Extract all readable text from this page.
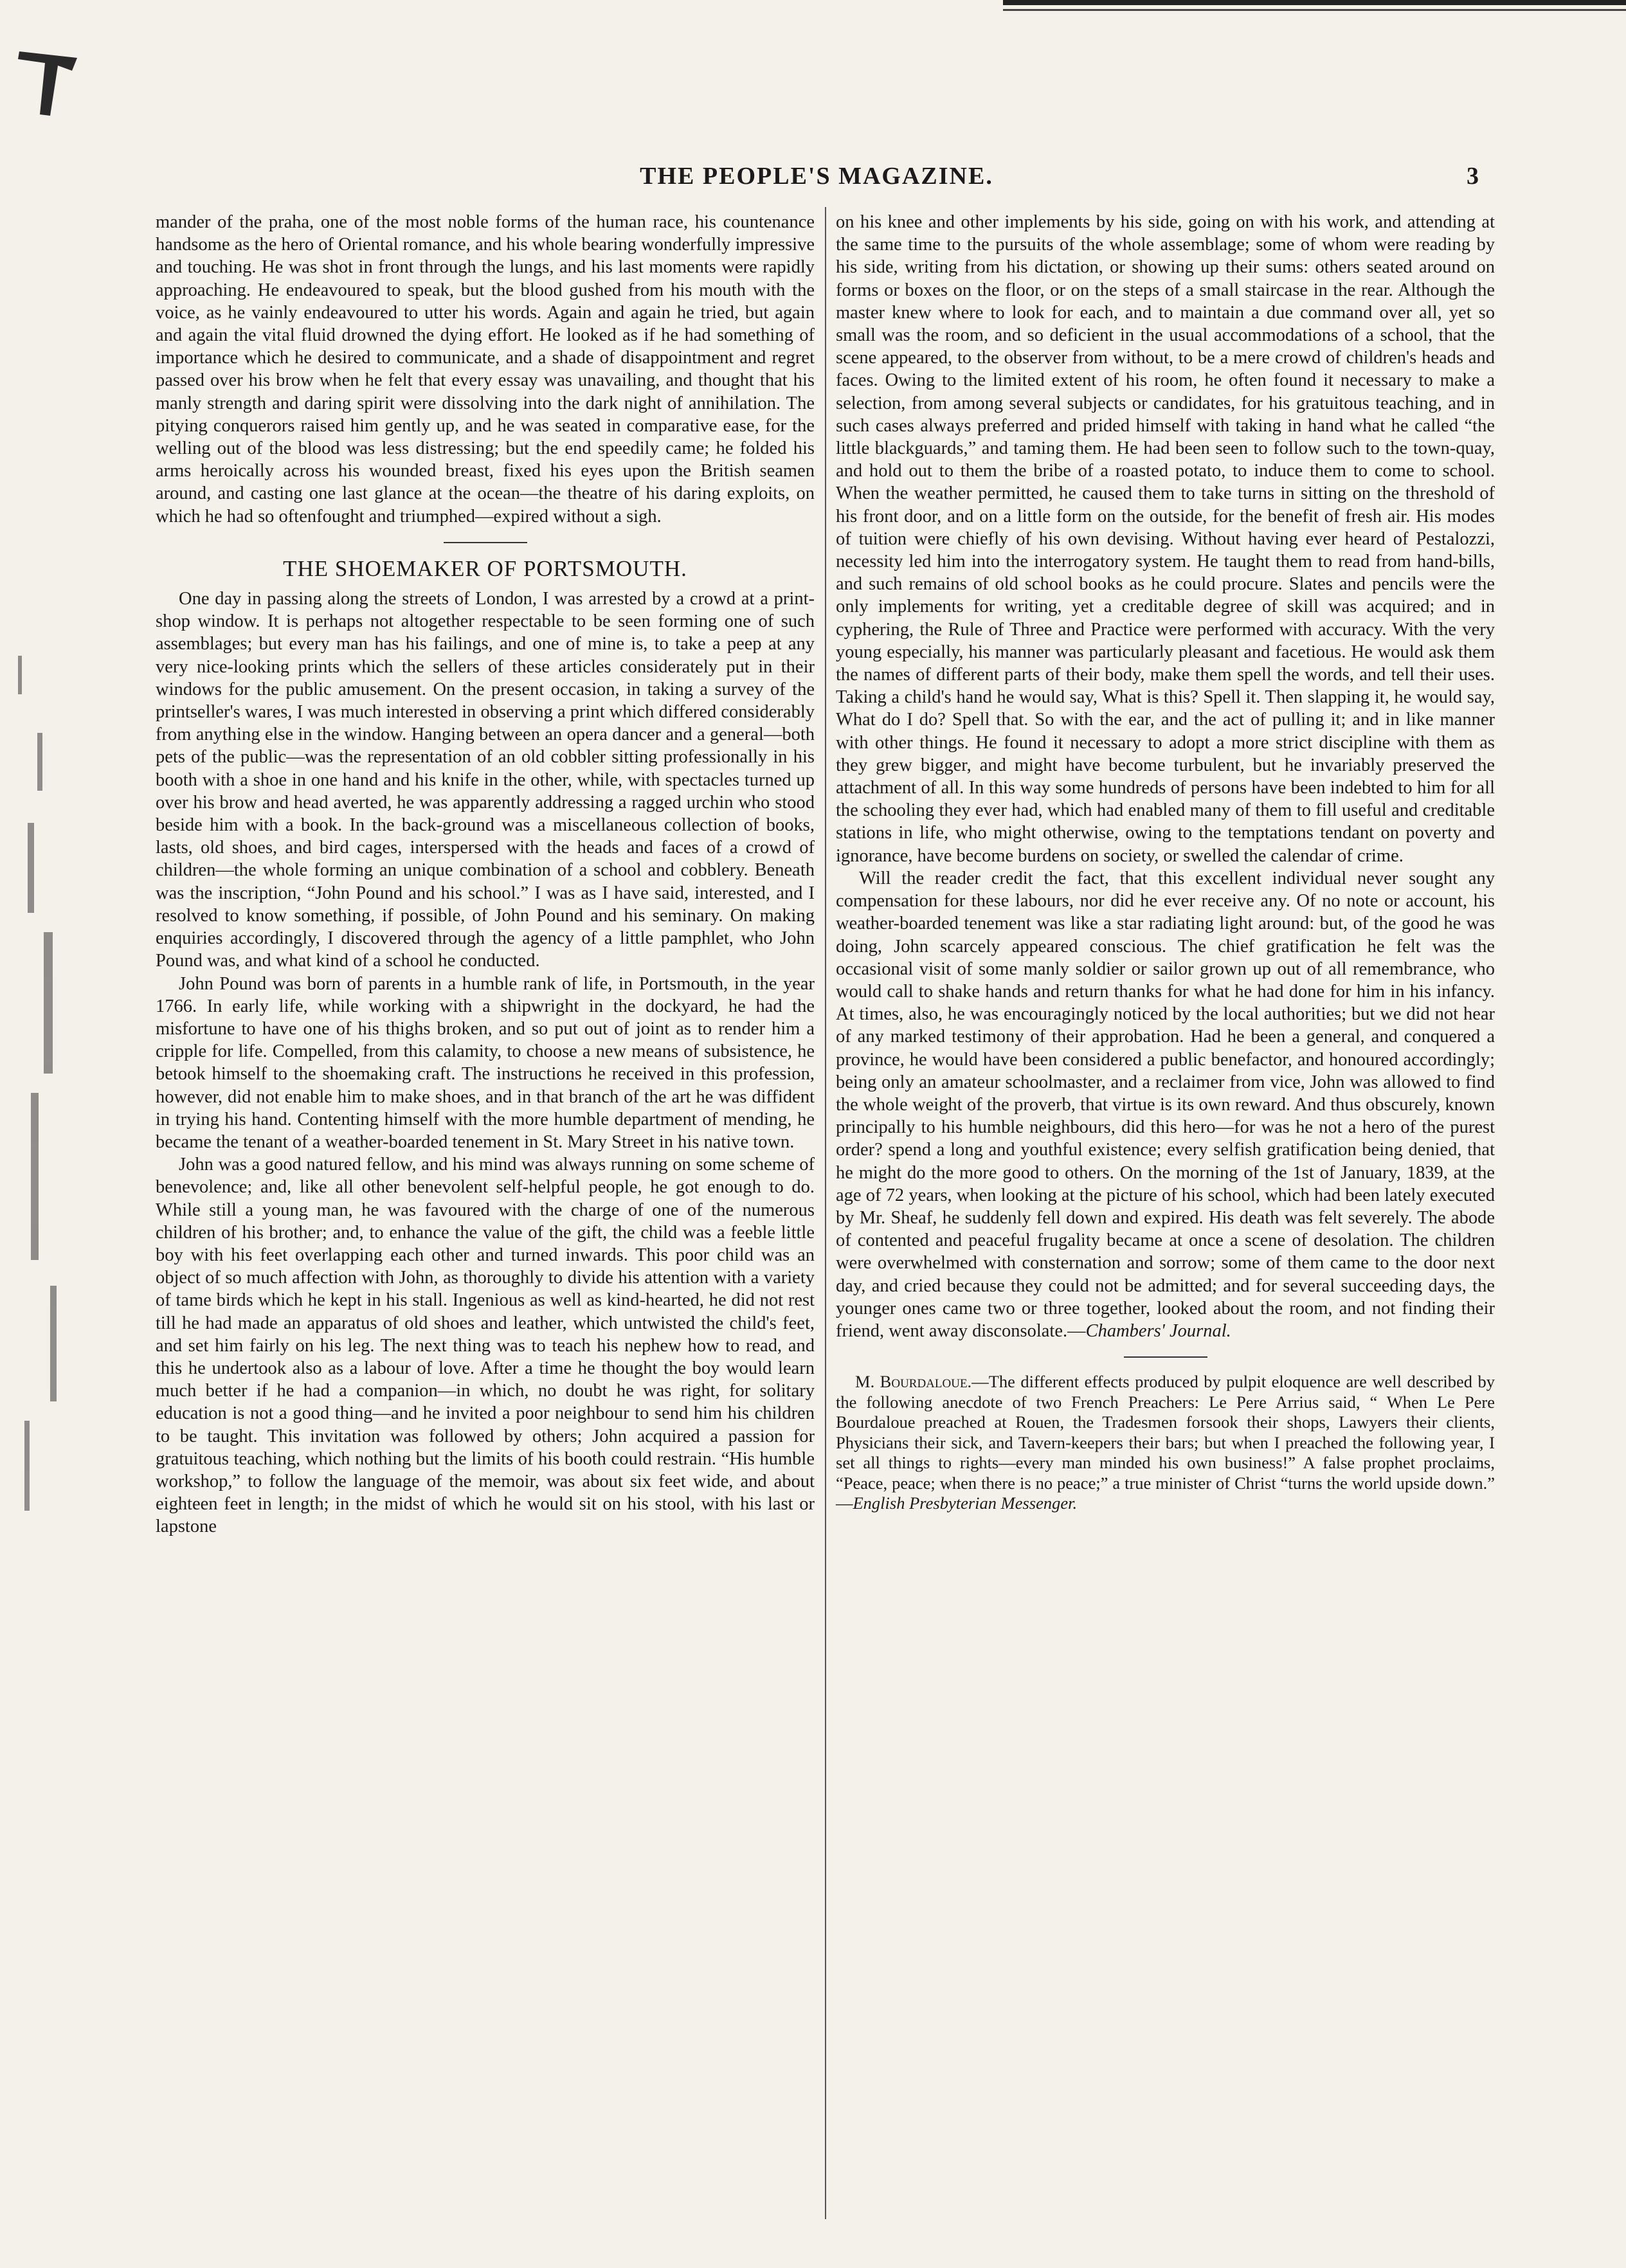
THE PEOPLE'S MAGAZINE.	3

mander of the praha, one of the most noble forms of the human race, his countenance handsome as the hero of Oriental romance, and his whole bearing wonderfully impressive and touching. He was shot in front through the lungs, and his last moments were rapidly approaching. He endeavoured to speak, but the blood gushed from his mouth with the voice, as he vainly endeavoured to utter his words. Again and again he tried, but again and again the vital fluid drowned the dying effort. He looked as if he had something of importance which he desired to communicate, and a shade of disappointment and regret passed over his brow when he felt that every essay was unavailing, and thought that his manly strength and daring spirit were dissolving into the dark night of annihilation. The pitying conquerors raised him gently up, and he was seated in comparative ease, for the welling out of the blood was less distressing; but the end speedily came; he folded his arms heroically across his wounded breast, fixed his eyes upon the British seamen around, and casting one last glance at the ocean—the theatre of his daring exploits, on which he had so oftenfought and triumphed—expired without a sigh.

THE SHOEMAKER OF PORTSMOUTH.

One day in passing along the streets of London, I was arrested by a crowd at a print-shop window. It is perhaps not altogether respectable to be seen forming one of such assemblages; but every man has his failings, and one of mine is, to take a peep at any very nice-looking prints which the sellers of these articles considerately put in their windows for the public amusement. On the present occasion, in taking a survey of the printseller's wares, I was much interested in observing a print which differed considerably from anything else in the window. Hanging between an opera dancer and a general—both pets of the public—was the representation of an old cobbler sitting professionally in his booth with a shoe in one hand and his knife in the other, while, with spectacles turned up over his brow and head averted, he was apparently addressing a ragged urchin who stood beside him with a book. In the back-ground was a miscellaneous collection of books, lasts, old shoes, and bird cages, interspersed with the heads and faces of a crowd of children—the whole forming an unique combination of a school and cobblery. Beneath was the inscription, “John Pound and his school.” I was as I have said, interested, and I resolved to know something, if possible, of John Pound and his seminary. On making enquiries accordingly, I discovered through the agency of a little pamphlet, who John Pound was, and what kind of a school he conducted.

John Pound was born of parents in a humble rank of life, in Portsmouth, in the year 1766. In early life, while working with a shipwright in the dockyard, he had the misfortune to have one of his thighs broken, and so put out of joint as to render him a cripple for life. Compelled, from this calamity, to choose a new means of subsistence, he betook himself to the shoemaking craft. The instructions he received in this profession, however, did not enable him to make shoes, and in that branch of the art he was diffident in trying his hand. Contenting himself with the more humble department of mending, he became the tenant of a weather-boarded tenement in St. Mary Street in his native town.

John was a good natured fellow, and his mind was always running on some scheme of benevolence; and, like all other benevolent self-helpful people, he got enough to do. While still a young man, he was favoured with the charge of one of the numerous children of his brother; and, to enhance the value of the gift, the child was a feeble little boy with his feet overlapping each other and turned inwards. This poor child was an object of so much affection with John, as thoroughly to divide his attention with a variety of tame birds which he kept in his stall. Ingenious as well as kind-hearted, he did not rest till he had made an apparatus of old shoes and leather, which untwisted the child's feet, and set him fairly on his leg. The next thing was to teach his nephew how to read, and this he undertook also as a labour of love. After a time he thought the boy would learn much better if he had a companion—in which, no doubt he was right, for solitary education is not a good thing—and he invited a poor neighbour to send him his children to be taught. This invitation was followed by others; John acquired a passion for gratuitous teaching, which nothing but the limits of his booth could restrain. “His humble workshop,” to follow the language of the memoir, was about six feet wide, and about eighteen feet in length; in the midst of which he would sit on his stool, with his last or lapstone

on his knee and other implements by his side, going on with his work, and attending at the same time to the pursuits of the whole assemblage; some of whom were reading by his side, writing from his dictation, or showing up their sums: others seated around on forms or boxes on the floor, or on the steps of a small staircase in the rear. Although the master knew where to look for each, and to maintain a due command over all, yet so small was the room, and so deficient in the usual accommodations of a school, that the scene appeared, to the observer from without, to be a mere crowd of children's heads and faces. Owing to the limited extent of his room, he often found it necessary to make a selection, from among several subjects or candidates, for his gratuitous teaching, and in such cases always preferred and prided himself with taking in hand what he called “the little blackguards,” and taming them. He had been seen to follow such to the town-quay, and hold out to them the bribe of a roasted potato, to induce them to come to school. When the weather permitted, he caused them to take turns in sitting on the threshold of his front door, and on a little form on the outside, for the benefit of fresh air. His modes of tuition were chiefly of his own devising. Without having ever heard of Pestalozzi, necessity led him into the interrogatory system. He taught them to read from hand-bills, and such remains of old school books as he could procure. Slates and pencils were the only implements for writing, yet a creditable degree of skill was acquired; and in cyphering, the Rule of Three and Practice were performed with accuracy. With the very young especially, his manner was particularly pleasant and facetious. He would ask them the names of different parts of their body, make them spell the words, and tell their uses. Taking a child's hand he would say, What is this? Spell it. Then slapping it, he would say, What do I do? Spell that. So with the ear, and the act of pulling it; and in like manner with other things. He found it necessary to adopt a more strict discipline with them as they grew bigger, and might have become turbulent, but he invariably preserved the attachment of all. In this way some hundreds of persons have been indebted to him for all the schooling they ever had, which had enabled many of them to fill useful and creditable stations in life, who might otherwise, owing to the temptations tendant on poverty and ignorance, have become burdens on society, or swelled the calendar of crime.

Will the reader credit the fact, that this excellent individual never sought any compensation for these labours, nor did he ever receive any. Of no note or account, his weather-boarded tenement was like a star radiating light around: but, of the good he was doing, John scarcely appeared conscious. The chief gratification he felt was the occasional visit of some manly soldier or sailor grown up out of all remembrance, who would call to shake hands and return thanks for what he had done for him in his infancy. At times, also, he was encouragingly noticed by the local authorities; but we did not hear of any marked testimony of their approbation. Had he been a general, and conquered a province, he would have been considered a public benefactor, and honoured accordingly; being only an amateur schoolmaster, and a reclaimer from vice, John was allowed to find the whole weight of the proverb, that virtue is its own reward. And thus obscurely, known principally to his humble neighbours, did this hero—for was he not a hero of the purest order? spend a long and youthful existence; every selfish gratification being denied, that he might do the more good to others. On the morning of the 1st of January, 1839, at the age of 72 years, when looking at the picture of his school, which had been lately executed by Mr. Sheaf, he suddenly fell down and expired. His death was felt severely. The abode of contented and peaceful frugality became at once a scene of desolation. The children were overwhelmed with consternation and sorrow; some of them came to the door next day, and cried because they could not be admitted; and for several succeeding days, the younger ones came two or three together, looked about the room, and not finding their friend, went away disconsolate.—Chambers' Journal.

M. Bourdaloue.—The different effects produced by pulpit eloquence are well described by the following anecdote of two French Preachers: Le Pere Arrius said, “ When Le Pere Bourdaloue preached at Rouen, the Tradesmen forsook their shops, Lawyers their clients, Physicians their sick, and Tavern-keepers their bars; but when I preached the following year, I set all things to rights—every man minded his own business!” A false prophet proclaims, “Peace, peace; when there is no peace;” a true minister of Christ “turns the world upside down.” —English Presbyterian Messenger.
